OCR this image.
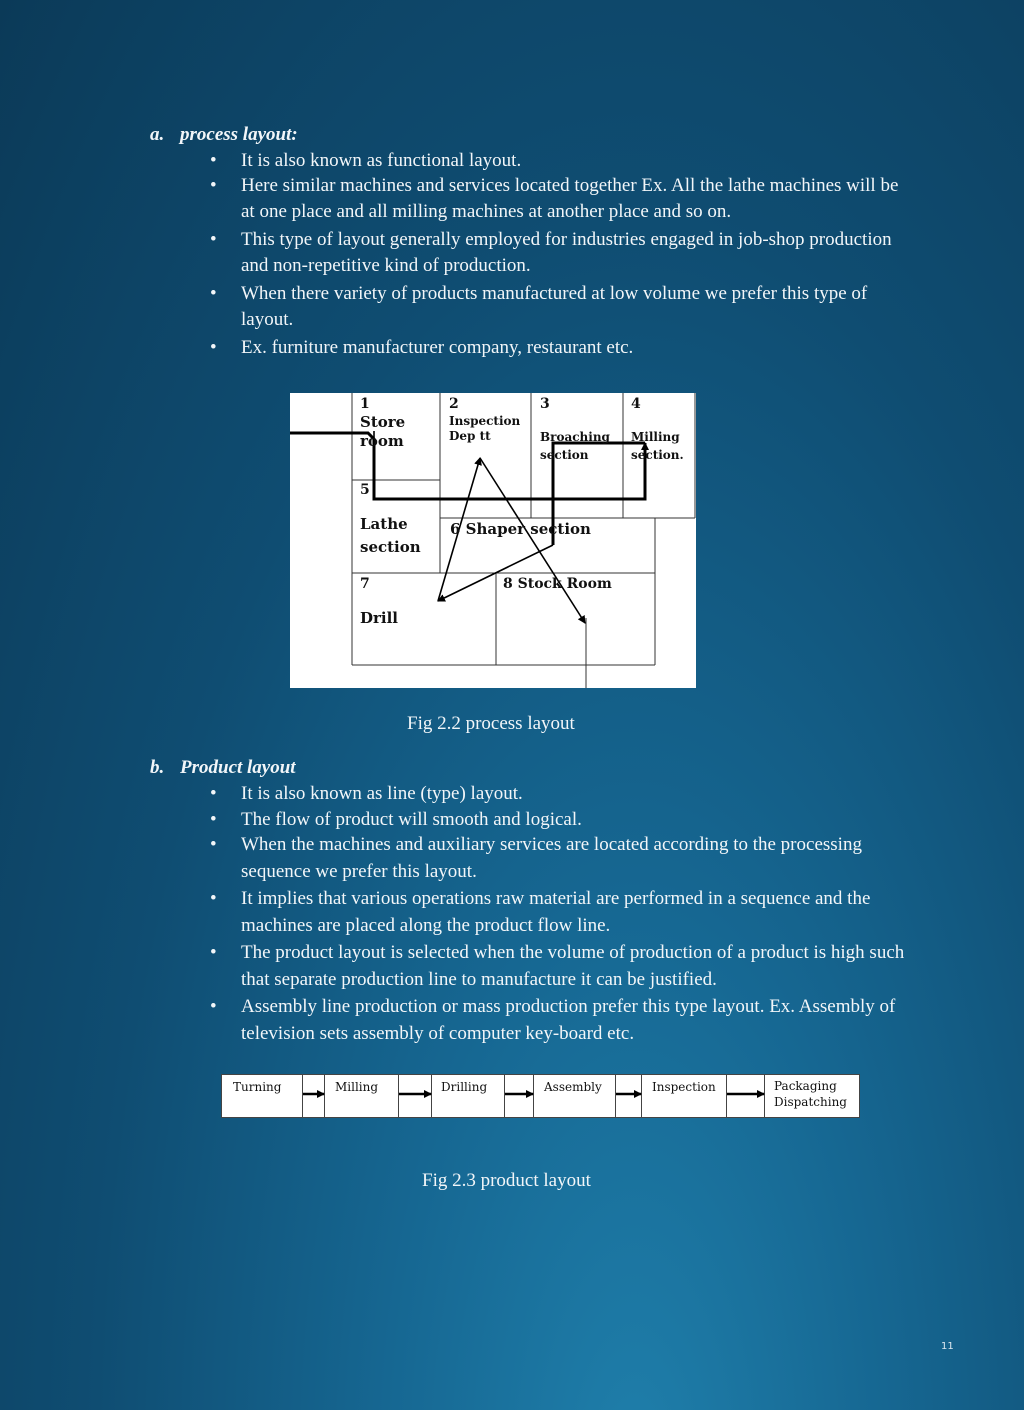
a. process layout:
• It is also known as functional layout.
• Here similar machines and services located together Ex. All the lathe machines will be at one place and all milling machines at another place and so on.
• This type of layout generally employed for industries engaged in job-shop production and non-repetitive kind of production.
• When there variety of products manufactured at low volume we prefer this type of layout.
• Ex. furniture manufacturer company, restaurant etc.
1
Store
room
2
Inspection
Dep tt
3
Broaching
section
4
Milling
section.
5
Lathe
section
6 Shaper section
7
Drill
8 Stock Room
Fig 2.2 process layout
b. Product layout
• It is also known as line (type) layout.
• The flow of product will smooth and logical.
• When the machines and auxiliary services are located according to the processing sequence we prefer this layout.
• It implies that various operations raw material are performed in a sequence and the machines are placed along the product flow line.
• The product layout is selected when the volume of production of a product is high such that separate production line to manufacture it can be justified.
• Assembly line production or mass production prefer this type layout. Ex. Assembly of television sets assembly of computer key-board etc.
Turning	Milling	Drilling	Assembly	Inspection	Packaging
Dispatching
Fig 2.3 product layout
11
